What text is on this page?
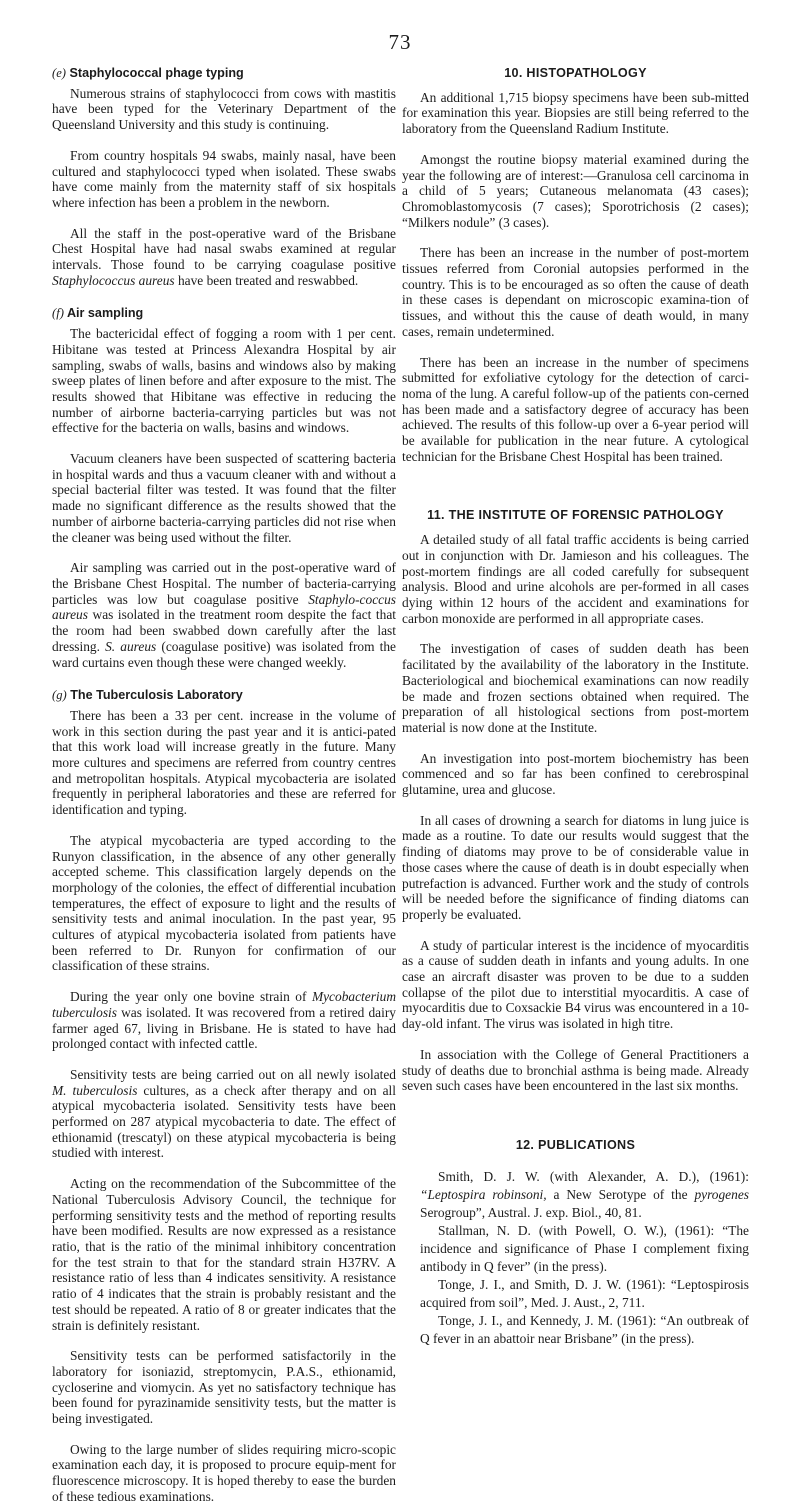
73
(e) Staphylococcal phage typing

Numerous strains of staphylococci from cows with mastitis have been typed for the Veterinary Department of the Queensland University and this study is continuing.

From country hospitals 94 swabs, mainly nasal, have been cultured and staphylococci typed when isolated. These swabs have come mainly from the maternity staff of six hospitals where infection has been a problem in the newborn.

All the staff in the post-operative ward of the Brisbane Chest Hospital have had nasal swabs examined at regular intervals. Those found to be carrying coagulase positive Staphylococcus aureus have been treated and reswabbed.

(f) Air sampling

The bactericidal effect of fogging a room with 1 per cent. Hibitane was tested at Princess Alexandra Hospital by air sampling, swabs of walls, basins and windows also by making sweep plates of linen before and after exposure to the mist. The results showed that Hibitane was effective in reducing the number of airborne bacteria-carrying particles but was not effective for the bacteria on walls, basins and windows.

Vacuum cleaners have been suspected of scattering bacteria in hospital wards and thus a vacuum cleaner with and without a special bacterial filter was tested. It was found that the filter made no significant difference as the results showed that the number of airborne bacteria-carrying particles did not rise when the cleaner was being used without the filter.

Air sampling was carried out in the post-operative ward of the Brisbane Chest Hospital. The number of bacteria-carrying particles was low but coagulase positive Staphylo-coccus aureus was isolated in the treatment room despite the fact that the room had been swabbed down carefully after the last dressing. S. aureus (coagulase positive) was isolated from the ward curtains even though these were changed weekly.

(g) The Tuberculosis Laboratory

There has been a 33 per cent. increase in the volume of work in this section during the past year and it is antici-pated that this work load will increase greatly in the future. Many more cultures and specimens are referred from country centres and metropolitan hospitals. Atypical mycobacteria are isolated frequently in peripheral laboratories and these are referred for identification and typing.

The atypical mycobacteria are typed according to the Runyon classification, in the absence of any other generally accepted scheme. This classification largely depends on the morphology of the colonies, the effect of differential incubation temperatures, the effect of exposure to light and the results of sensitivity tests and animal inoculation. In the past year, 95 cultures of atypical mycobacteria isolated from patients have been referred to Dr. Runyon for confirmation of our classification of these strains.

During the year only one bovine strain of Mycobacterium tuberculosis was isolated. It was recovered from a retired dairy farmer aged 67, living in Brisbane. He is stated to have had prolonged contact with infected cattle.

Sensitivity tests are being carried out on all newly isolated M. tuberculosis cultures, as a check after therapy and on all atypical mycobacteria isolated. Sensitivity tests have been performed on 287 atypical mycobacteria to date. The effect of ethionamid (trescatyl) on these atypical mycobacteria is being studied with interest.

Acting on the recommendation of the Subcommittee of the National Tuberculosis Advisory Council, the technique for performing sensitivity tests and the method of reporting results have been modified. Results are now expressed as a resistance ratio, that is the ratio of the minimal inhibitory concentration for the test strain to that for the standard strain H37RV. A resistance ratio of less than 4 indicates sensitivity. A resistance ratio of 4 indicates that the strain is probably resistant and the test should be repeated. A ratio of 8 or greater indicates that the strain is definitely resistant.

Sensitivity tests can be performed satisfactorily in the laboratory for isoniazid, streptomycin, P.A.S., ethionamid, cycloserine and viomycin. As yet no satisfactory technique has been found for pyrazinamide sensitivity tests, but the matter is being investigated.

Owing to the large number of slides requiring micro-scopic examination each day, it is proposed to procure equip-ment for fluorescence microscopy. It is hoped thereby to ease the burden of these tedious examinations.

10. HISTOPATHOLOGY

An additional 1,715 biopsy specimens have been sub-mitted for examination this year. Biopsies are still being referred to the laboratory from the Queensland Radium Institute.

Amongst the routine biopsy material examined during the year the following are of interest:—Granulosa cell carcinoma in a child of 5 years; Cutaneous melanomata (43 cases); Chromoblastomycosis (7 cases); Sporotrichosis (2 cases); “Milkers nodule” (3 cases).

There has been an increase in the number of post-mortem tissues referred from Coronial autopsies performed in the country. This is to be encouraged as so often the cause of death in these cases is dependant on microscopic examina-tion of tissues, and without this the cause of death would, in many cases, remain undetermined.

There has been an increase in the number of specimens submitted for exfoliative cytology for the detection of carci-noma of the lung. A careful follow-up of the patients con-cerned has been made and a satisfactory degree of accuracy has been achieved. The results of this follow-up over a 6-year period will be available for publication in the near future. A cytological technician for the Brisbane Chest Hospital has been trained.

11. THE INSTITUTE OF FORENSIC PATHOLOGY

A detailed study of all fatal traffic accidents is being carried out in conjunction with Dr. Jamieson and his colleagues. The post-mortem findings are all coded carefully for subsequent analysis. Blood and urine alcohols are per-formed in all cases dying within 12 hours of the accident and examinations for carbon monoxide are performed in all appropriate cases.

The investigation of cases of sudden death has been facilitated by the availability of the laboratory in the Institute. Bacteriological and biochemical examinations can now readily be made and frozen sections obtained when required. The preparation of all histological sections from post-mortem material is now done at the Institute.

An investigation into post-mortem biochemistry has been commenced and so far has been confined to cerebrospinal glutamine, urea and glucose.

In all cases of drowning a search for diatoms in lung juice is made as a routine. To date our results would suggest that the finding of diatoms may prove to be of considerable value in those cases where the cause of death is in doubt especially when putrefaction is advanced. Further work and the study of controls will be needed before the significance of finding diatoms can properly be evaluated.

A study of particular interest is the incidence of myocarditis as a cause of sudden death in infants and young adults. In one case an aircraft disaster was proven to be due to a sudden collapse of the pilot due to interstitial myocarditis. A case of myocarditis due to Coxsackie B4 virus was encountered in a 10-day-old infant. The virus was isolated in high titre.

In association with the College of General Practitioners a study of deaths due to bronchial asthma is being made. Already seven such cases have been encountered in the last six months.

12. PUBLICATIONS

Smith, D. J. W. (with Alexander, A. D.), (1961): “Leptospira robinsoni, a New Serotype of the pyrogenes Serogroup”, Austral. J. exp. Biol., 40, 81.

Stallman, N. D. (with Powell, O. W.), (1961): “The incidence and significance of Phase I complement fixing antibody in Q fever” (in the press).

Tonge, J. I., and Smith, D. J. W. (1961): “Leptospirosis acquired from soil”, Med. J. Aust., 2, 711.

Tonge, J. I., and Kennedy, J. M. (1961): “An outbreak of Q fever in an abattoir near Brisbane” (in the press).
